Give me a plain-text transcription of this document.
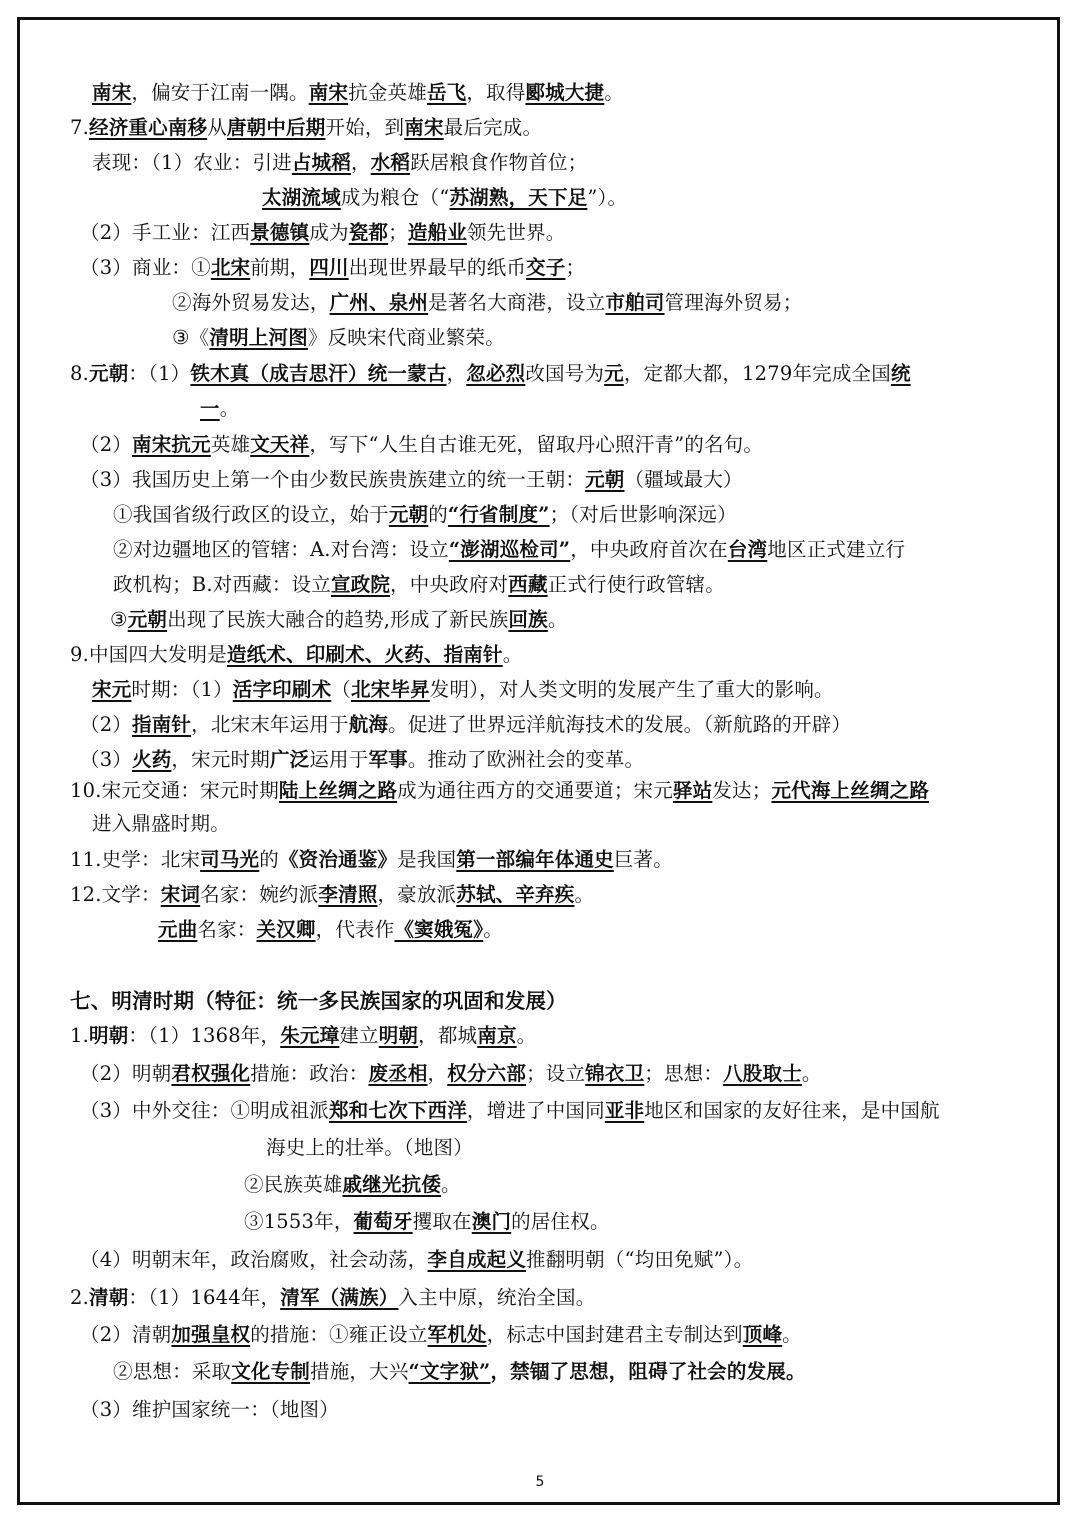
南宋，偏安于江南一隅。南宋抗金英雄岳飞，取得郾城大捷。
7.经济重心南移从唐朝中后期开始，到南宋最后完成。
表现：（1）农业：引进占城稻，水稻跃居粮食作物首位；
太湖流域成为粮仓（“苏湖熟，天下足”）。
（2）手工业：江西景德镇成为瓷都；造船业领先世界。
（3）商业：①北宋前期，四川出现世界最早的纸币交子；
②海外贸易发达，广州、泉州是著名大商港，设立市舶司管理海外贸易；
③《清明上河图》反映宋代商业繁荣。
8.元朝：（1）铁木真（成吉思汗）统一蒙古，忽必烈改国号为元，定都大都，1279年完成全国统
一。
（2）南宋抗元英雄文天祥，写下“人生自古谁无死，留取丹心照汗青”的名句。
（3）我国历史上第一个由少数民族贵族建立的统一王朝：元朝（疆域最大）
①我国省级行政区的设立，始于元朝的“行省制度”；（对后世影响深远）
②对边疆地区的管辖：A.对台湾：设立“澎湖巡检司”，中央政府首次在台湾地区正式建立行
政机构；B.对西藏：设立宣政院，中央政府对西藏正式行使行政管辖。
③元朝出现了民族大融合的趋势,形成了新民族回族。
9.中国四大发明是造纸术、印刷术、火药、指南针。
宋元时期：（1）活字印刷术（北宋毕昇发明），对人类文明的发展产生了重大的影响。
（2）指南针，北宋末年运用于航海。促进了世界远洋航海技术的发展。（新航路的开辟）
（3）火药，宋元时期广泛运用于军事。推动了欧洲社会的变革。
10.宋元交通：宋元时期陆上丝绸之路成为通往西方的交通要道；宋元驿站发达；元代海上丝绸之路
进入鼎盛时期。
11.史学：北宋司马光的《资治通鉴》是我国第一部编年体通史巨著。
12.文学：宋词名家：婉约派李清照，豪放派苏轼、辛弃疾。
元曲名家：关汉卿，代表作《窦娥冤》。
七、明清时期（特征：统一多民族国家的巩固和发展）
1.明朝：（1）1368年，朱元璋建立明朝，都城南京。
（2）明朝君权强化措施：政治：废丞相，权分六部；设立锦衣卫；思想：八股取士。
（3）中外交往：①明成祖派郑和七次下西洋，增进了中国同亚非地区和国家的友好往来，是中国航
海史上的壮举。（地图）
②民族英雄戚继光抗倭。
③1553年，葡萄牙攫取在澳门的居住权。
（4）明朝末年，政治腐败，社会动荡，李自成起义推翻明朝（“均田免赋”）。
2.清朝：（1）1644年，清军（满族）入主中原，统治全国。
（2）清朝加强皇权的措施：①雍正设立军机处，标志中国封建君主专制达到顶峰。
②思想：采取文化专制措施，大兴“文字狱”，禁锢了思想，阻碍了社会的发展。
（3）维护国家统一：（地图）
5
